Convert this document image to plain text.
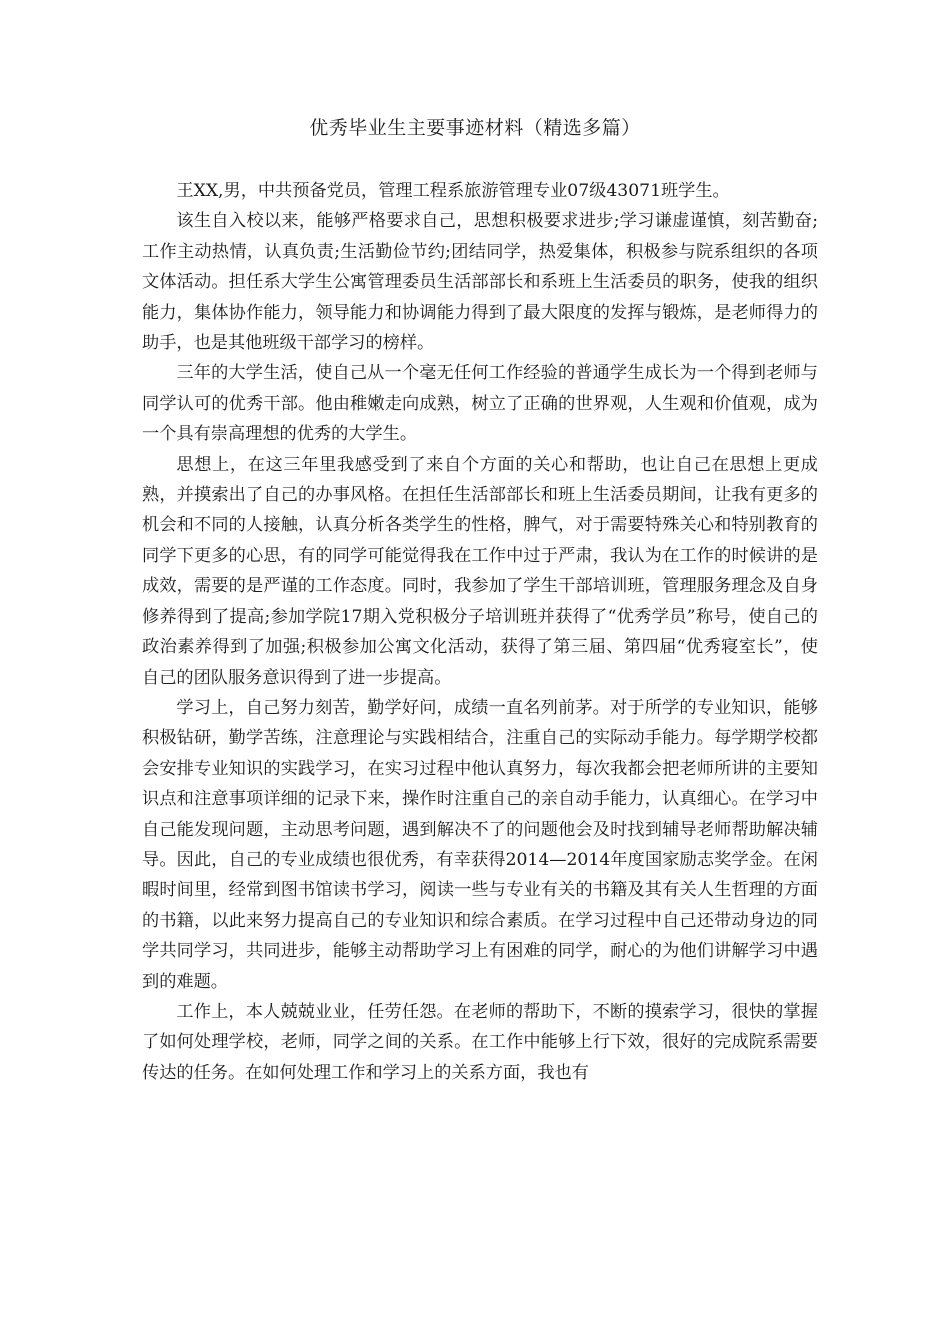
优秀毕业生主要事迹材料（精选多篇）

王XX,男，中共预备党员，管理工程系旅游管理专业07级43071班学生。

该生自入校以来，能够严格要求自己，思想积极要求进步;学习谦虚谨慎，刻苦勤奋;工作主动热情，认真负责;生活勤俭节约;团结同学，热爱集体，积极参与院系组织的各项文体活动。担任系大学生公寓管理委员生活部部长和系班上生活委员的职务，使我的组织能力，集体协作能力，领导能力和协调能力得到了最大限度的发挥与锻炼，是老师得力的助手，也是其他班级干部学习的榜样。

三年的大学生活，使自己从一个毫无任何工作经验的普通学生成长为一个得到老师与同学认可的优秀干部。他由稚嫩走向成熟，树立了正确的世界观，人生观和价值观，成为一个具有崇高理想的优秀的大学生。

思想上，在这三年里我感受到了来自个方面的关心和帮助，也让自己在思想上更成熟，并摸索出了自己的办事风格。在担任生活部部长和班上生活委员期间，让我有更多的机会和不同的人接触，认真分析各类学生的性格，脾气，对于需要特殊关心和特别教育的同学下更多的心思，有的同学可能觉得我在工作中过于严肃，我认为在工作的时候讲的是成效，需要的是严谨的工作态度。同时，我参加了学生干部培训班，管理服务理念及自身修养得到了提高;参加学院17期入党积极分子培训班并获得了“优秀学员”称号，使自己的政治素养得到了加强;积极参加公寓文化活动，获得了第三届、第四届“优秀寝室长”，使自己的团队服务意识得到了进一步提高。

学习上，自己努力刻苦，勤学好问，成绩一直名列前茅。对于所学的专业知识，能够积极钻研，勤学苦练，注意理论与实践相结合，注重自己的实际动手能力。每学期学校都会安排专业知识的实践学习，在实习过程中他认真努力，每次我都会把老师所讲的主要知识点和注意事项详细的记录下来，操作时注重自己的亲自动手能力，认真细心。在学习中自己能发现问题，主动思考问题，遇到解决不了的问题他会及时找到辅导老师帮助解决辅导。因此，自己的专业成绩也很优秀，有幸获得2014—2014年度国家励志奖学金。在闲暇时间里，经常到图书馆读书学习，阅读一些与专业有关的书籍及其有关人生哲理的方面的书籍，以此来努力提高自己的专业知识和综合素质。在学习过程中自己还带动身边的同学共同学习，共同进步，能够主动帮助学习上有困难的同学，耐心的为他们讲解学习中遇到的难题。

工作上，本人兢兢业业，任劳任怨。在老师的帮助下，不断的摸索学习，很快的掌握了如何处理学校，老师，同学之间的关系。在工作中能够上行下效，很好的完成院系需要传达的任务。在如何处理工作和学习上的关系方面，我也有
